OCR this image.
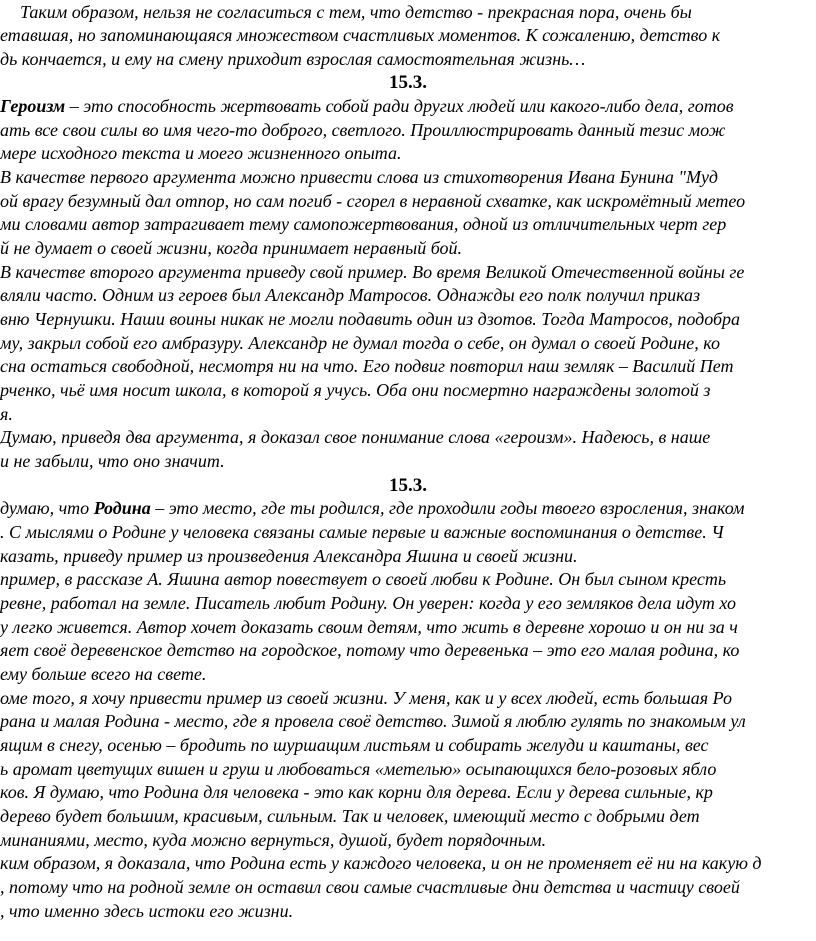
Таким образом, нельзя не согласиться с тем, что детство - прекрасная пора, очень бы
етавшая, но запоминающаяся множеством счастливых моментов. К сожалению, детство к
дь кончается, и ему на смену приходит взрослая самостоятельная жизнь…
15.3.
Героизм – это способность жертвовать собой ради других людей или какого-либо дела, готов
ать все свои силы во имя чего-то доброго, светлого. Проиллюстрировать данный тезис мож
мере исходного текста и моего жизненного опыта.
В качестве первого аргумента можно привести слова из стихотворения Ивана Бунина "Муд
ой врагу безумный дал отпор, но сам погиб - сгорел в неравной схватке, как искромётный метео
ми словами автор затрагивает тему самопожертвования, одной из отличительных черт гер
й не думает о своей жизни, когда принимает неравный бой.
В качестве второго аргумента приведу свой пример. Во время Великой Отечественной войны ге
вляли часто. Одним из героев был Александр Матросов. Однажды его полк получил приказ
вню Чернушки. Наши воины никак не могли подавить один из дзотов. Тогда Матросов, подобра
му, закрыл собой его амбразуру. Александр не думал тогда о себе, он думал о своей Родине, ко
сна остаться свободной, несмотря ни на что. Его подвиг повторил наш земляк – Василий Пет
рченко, чьё имя носит школа, в которой я учусь. Оба они посмертно награждены золотой з
я.
Думаю, приведя два аргумента, я доказал свое понимание слова «героизм». Надеюсь, в наше
и не забыли, что оно значит.
15.3.
думаю, что Родина – это место, где ты родился, где проходили годы твоего взросления, знаком
. С мыслями о Родине у человека связаны самые первые и важные воспоминания о детстве. Ч
казать, приведу пример из произведения Александра Яшина и своей жизни.
пример, в рассказе А. Яшина автор повествует о своей любви к Родине. Он был сыном кресть
ревне, работал на земле. Писатель любит Родину. Он уверен: когда у его земляков дела идут хо
у легко живется. Автор хочет доказать своим детям, что жить в деревне хорошо и он ни за ч
яет своё деревенское детство на городское, потому что деревенька – это его малая родина, ко
ему больше всего на свете.
оме того, я хочу привести пример из своей жизни. У меня, как и у всех людей, есть большая Ро
рана и малая Родина - место, где я провела своё детство. Зимой я люблю гулять по знакомым ул
ящим в снегу, осенью – бродить по шуршащим листьям и собирать желуди и каштаны, вес
ь аромат цветущих вишен и груш и любоваться «метелью» осыпающихся бело-розовых ябло
ков. Я думаю, что Родина для человека - это как корни для дерева. Если у дерева сильные, кр
дерево будет большим, красивым, сильным. Так и человек, имеющий место с добрыми дет
минаниями, место, куда можно вернуться, душой, будет порядочным.
ким образом, я доказала, что Родина есть у каждого человека, и он не променяет её ни на какую д
, потому что на родной земле он оставил свои самые счастливые дни детства и частицу своей
, что именно здесь истоки его жизни.
